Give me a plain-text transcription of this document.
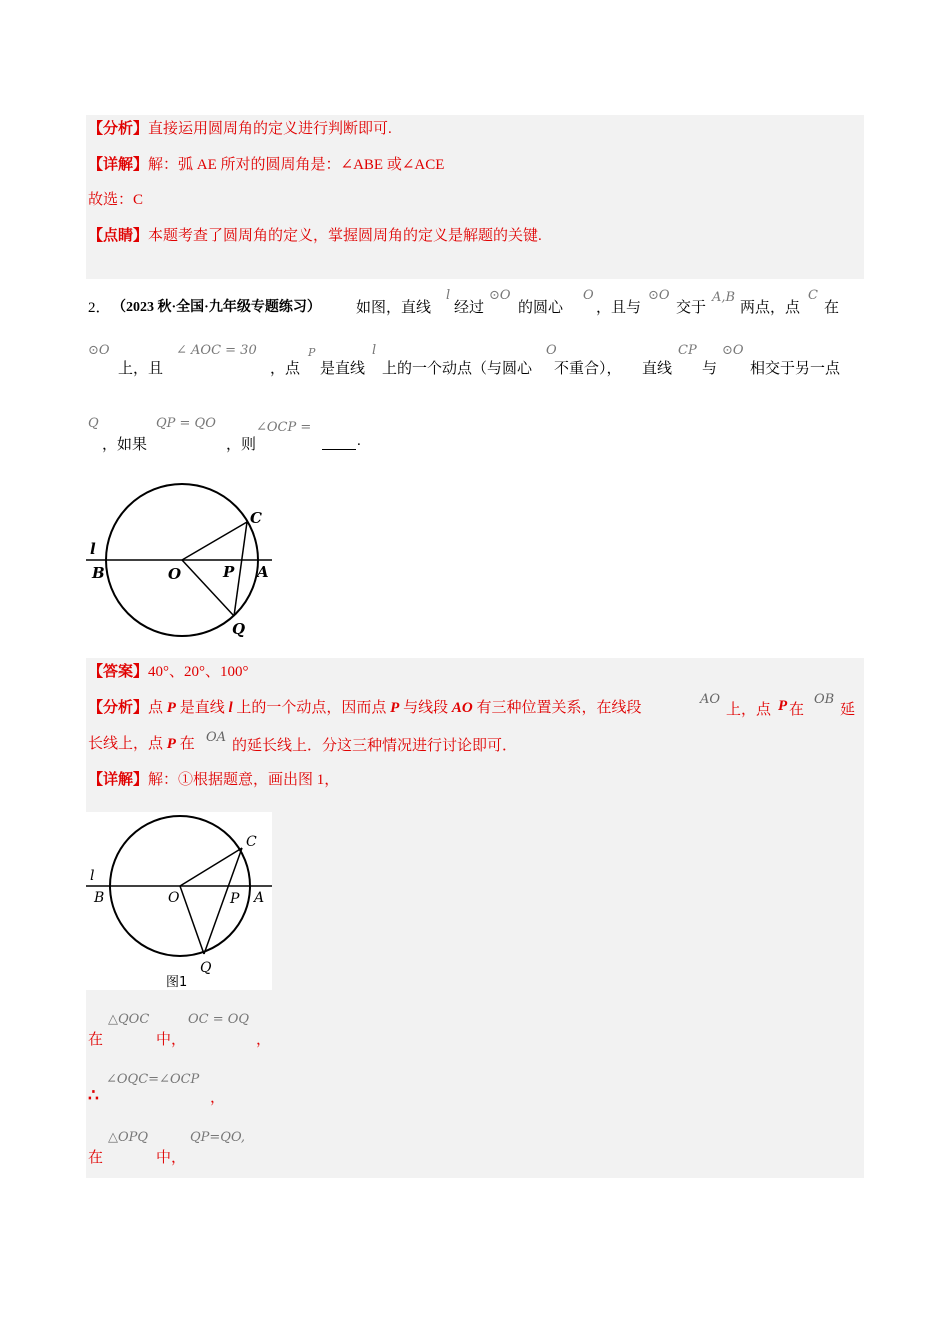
【分析】直接运用圆周角的定义进行判断即可.
【详解】解：弧 AE 所对的圆周角是：∠ABE 或∠ACE
故选：C
【点睛】本题考查了圆周角的定义，掌握圆周角的定义是解题的关键.
2． （2023 秋·全国·九年级专题练习） 如图，直线
l
经过
⊙O
的圆心
O
，且与
⊙O
交于
A,B
两点，点
C
在
⊙O
上，且
∠ AOC = 30
，点
P
是直线
l
上的一个动点（与圆心
O
不重合）， 直线
CP
与
⊙O
相交于另一点
Q
，如果
QP = QO
，则
∠OCP =
.
l
B	O	P A
C
Q
【答案】40°、20°、100°
【分析】点 P 是直线 l 上的一个动点，因而点 P 与线段 AO 有三种位置关系，在线段
AO
上，点 P 在
OB
延
长线上，点 P 在 OA
的延长线上．分这三种情况进行讨论即可．
【详解】解：①根据题意，画出图 1，
l
B	O	P A
C
Q
图1
在
△QOC
中，
OC = OQ
，
∴
∠OQC=∠OCP
，
在
△OPQ
中，
QP=QO,
